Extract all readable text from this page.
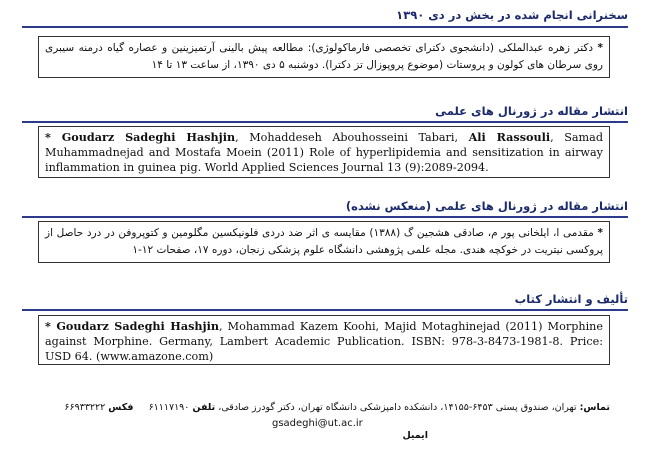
سخنرانی انجام شده در بخش در دی ۱۳۹۰
* دکتر زهره عبدالملکی (دانشجوی دکترای تخصصی فارماکولوژی): مطالعه پیش بالینی آرتمیزینین و عصاره گیاه درمنه سیبری روی سرطان های کولون و پروستات (موضوع پروپوزال تز دکترا). دوشنبه ۵ دی ۱۳۹۰، از ساعت ۱۳ تا ۱۴
انتشار مقاله در ژورنال های علمی
* Goudarz Sadeghi Hashjin, Mohaddeseh Abouhosseini Tabari, Ali Rassouli, Samad Muhammadnejad and Mostafa Moein (2011) Role of hyperlipidemia and sensitization in airway inflammation in guinea pig. World Applied Sciences Journal 13 (9):2089-2094.
انتشار مقاله در ژورنال های علمی (منعکس نشده)
* مقدمی ا، ایلخانی پور م، صادقی هشجین گ (۱۳۸۸) مقایسه ی اثر ضد دردی فلونیکسین مگلومین و کتوپروفن در درد حاصل از پروکسی نیتریت در خوکچه هندی. مجله علمی پژوهشی دانشگاه علوم پزشکی زنجان، دوره ۱۷، صفحات ۱۲-۱
تألیف و انتشار کتاب
* Goudarz Sadeghi Hashjin, Mohammad Kazem Koohi, Majid Motaghinejad (2011) Morphine against Morphine. Germany, Lambert Academic Publication. ISBN: 978-3-8473-1981-8. Price: USD 64. (www.amazone.com)
تماس: تهران، صندوق پستی ۶۴۵۳-۱۴۱۵۵، دانشکده دامپزشکی دانشگاه تهران، دکتر گودرز صادقی، تلفن ۶۱۱۱۷۱۹۰     فکس ۶۶۹۳۳۲۲۲
ایمیل
gsadeghi@ut.ac.ir
